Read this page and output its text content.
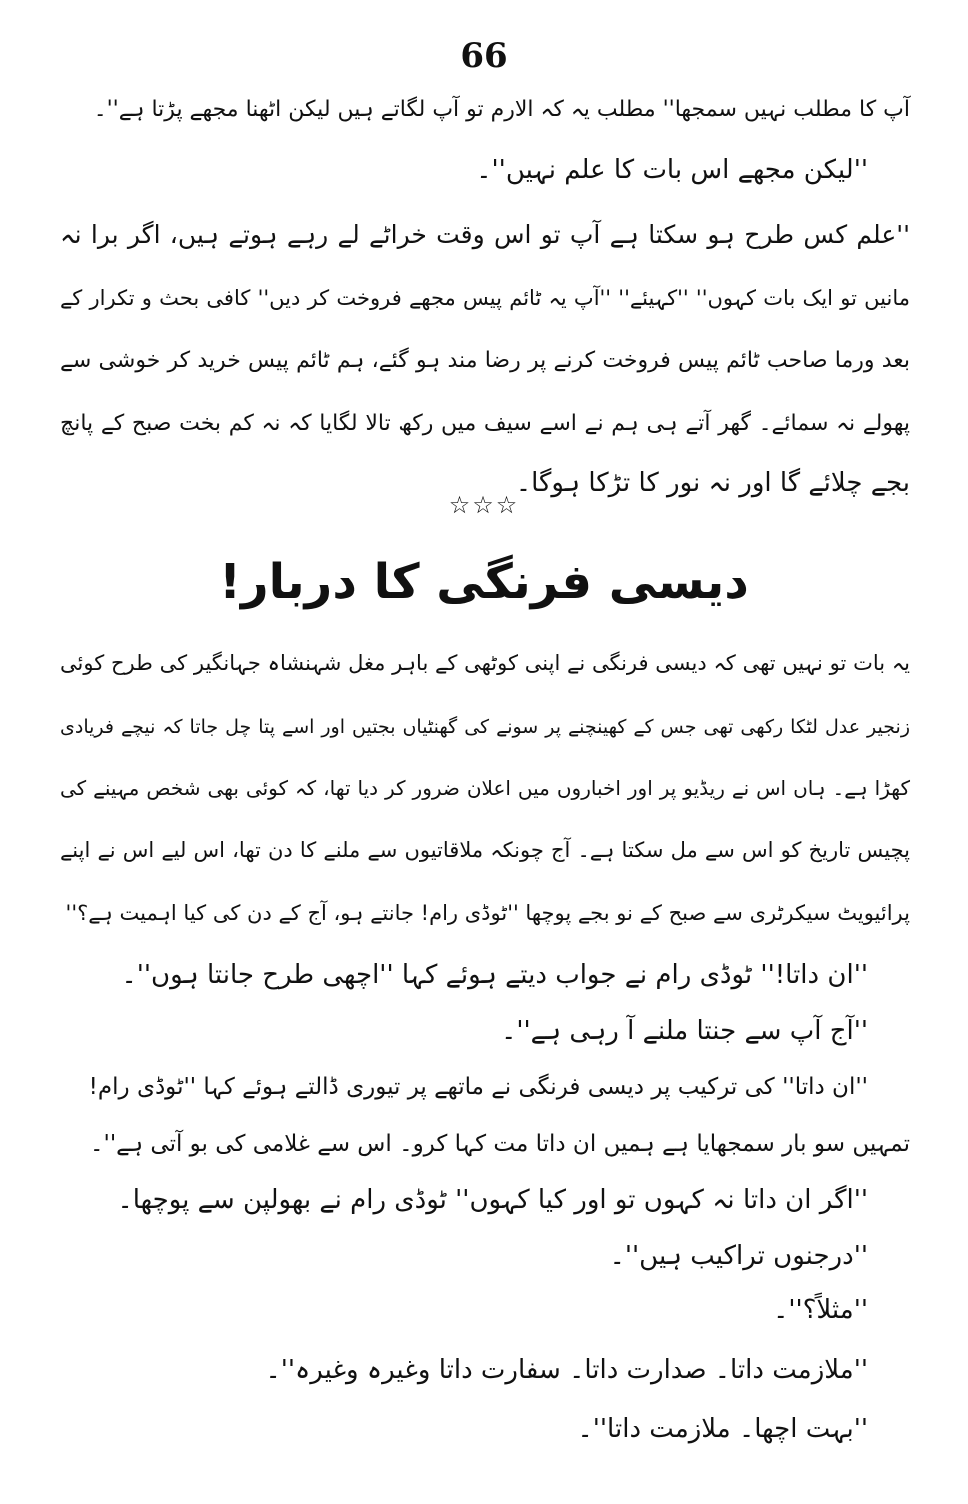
66
آپ کا مطلب نہیں سمجھا'' مطلب یہ کہ الارم تو آپ لگاتے ہیں لیکن اٹھنا مجھے پڑتا ہے''۔
''لیکن مجھے اس بات کا علم نہیں''۔
''علم کس طرح ہو سکتا ہے آپ تو اس وقت خراٹے لے رہے ہوتے ہیں، اگر برا نہ
مانیں تو ایک بات کہوں'' ''کہیئے'' ''آپ یہ ٹائم پیس مجھے فروخت کر دیں'' کافی بحث و تکرار کے
بعد ورما صاحب ٹائم پیس فروخت کرنے پر رضا مند ہو گئے، ہم ٹائم پیس خرید کر خوشی سے
پھولے نہ سمائے۔ گھر آتے ہی ہم نے اسے سیف میں رکھ تالا لگایا کہ نہ کم بخت صبح کے پانچ
بجے چلائے گا اور نہ نور کا تڑکا ہوگا۔
☆☆☆
دیسی فرنگی کا دربار!
یہ بات تو نہیں تھی کہ دیسی فرنگی نے اپنی کوٹھی کے باہر مغل شہنشاہ جہانگیر کی طرح کوئی
زنجیر عدل لٹکا رکھی تھی جس کے کھینچنے پر سونے کی گھنٹیاں بجتیں اور اسے پتا چل جاتا کہ نیچے فریادی
کھڑا ہے۔ ہاں اس نے ریڈیو پر اور اخباروں میں اعلان ضرور کر دیا تھا، کہ کوئی بھی شخص مہینے کی
پچیس تاریخ کو اس سے مل سکتا ہے۔ آج چونکہ ملاقاتیوں سے ملنے کا دن تھا، اس لیے اس نے اپنے
پرائیویٹ سیکرٹری سے صبح کے نو بجے پوچھا ''ٹوڈی رام! جانتے ہو، آج کے دن کی کیا اہمیت ہے؟''
''ان داتا!'' ٹوڈی رام نے جواب دیتے ہوئے کہا ''اچھی طرح جانتا ہوں''۔
''آج آپ سے جنتا ملنے آ رہی ہے''۔
''ان داتا'' کی ترکیب پر دیسی فرنگی نے ماتھے پر تیوری ڈالتے ہوئے کہا ''ٹوڈی رام!
تمہیں سو بار سمجھایا ہے ہمیں ان داتا مت کہا کرو۔ اس سے غلامی کی بو آتی ہے''۔
''اگر ان داتا نہ کہوں تو اور کیا کہوں'' ٹوڈی رام نے بھولپن سے پوچھا۔
''درجنوں تراکیب ہیں''۔
''مثلاً؟''۔
''ملازمت داتا۔ صدارت داتا۔ سفارت داتا وغیرہ وغیرہ''۔
''بہت اچھا۔ ملازمت داتا''۔
